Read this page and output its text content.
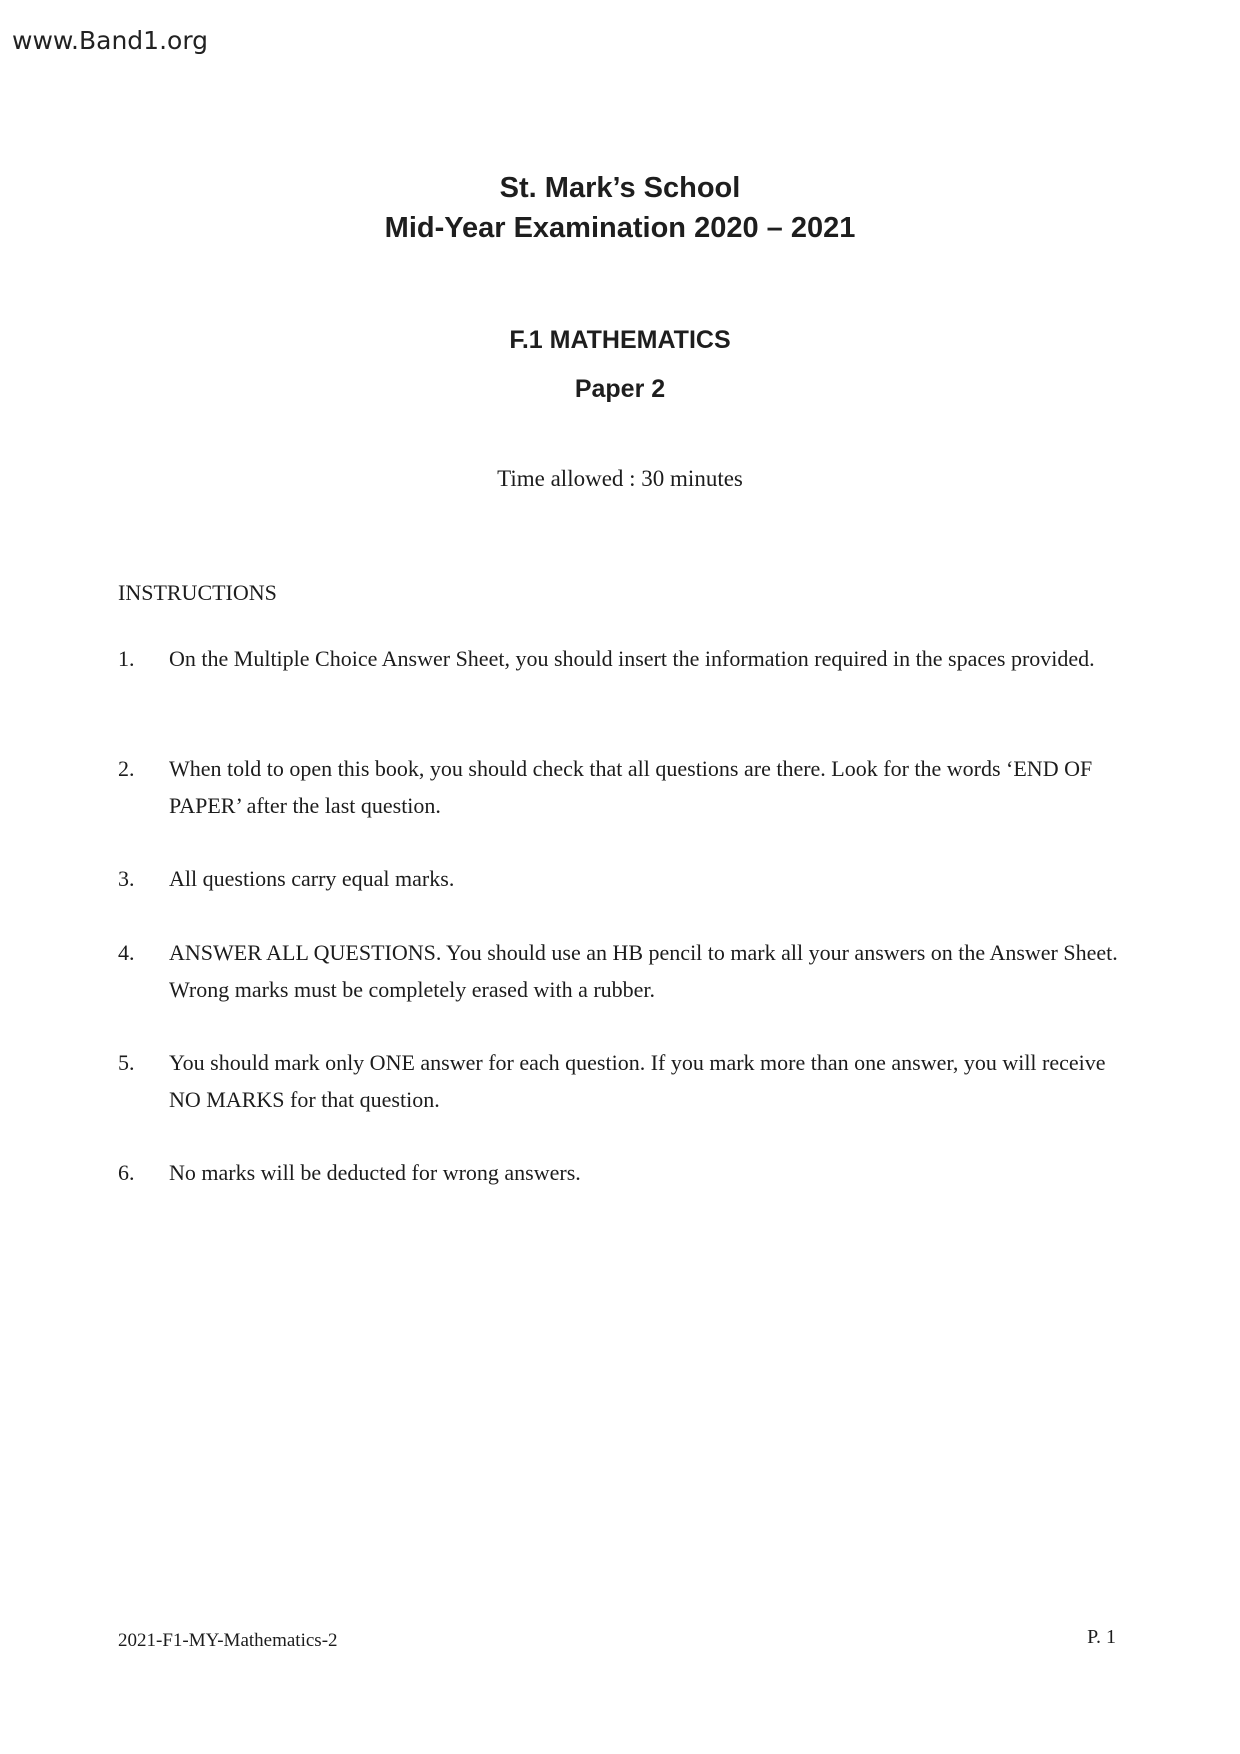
www.Band1.org
St. Mark’s School
Mid-Year Examination 2020 – 2021
F.1 MATHEMATICS
Paper 2
Time allowed : 30 minutes
INSTRUCTIONS
1.	On the Multiple Choice Answer Sheet, you should insert the information required in the spaces provided.
2.	When told to open this book, you should check that all questions are there. Look for the words ‘END OF PAPER’ after the last question.
3.	All questions carry equal marks.
4.	ANSWER ALL QUESTIONS. You should use an HB pencil to mark all your answers on the Answer Sheet. Wrong marks must be completely erased with a rubber.
5.	You should mark only ONE answer for each question. If you mark more than one answer, you will receive NO MARKS for that question.
6.	No marks will be deducted for wrong answers.
2021-F1-MY-Mathematics-2	P. 1
